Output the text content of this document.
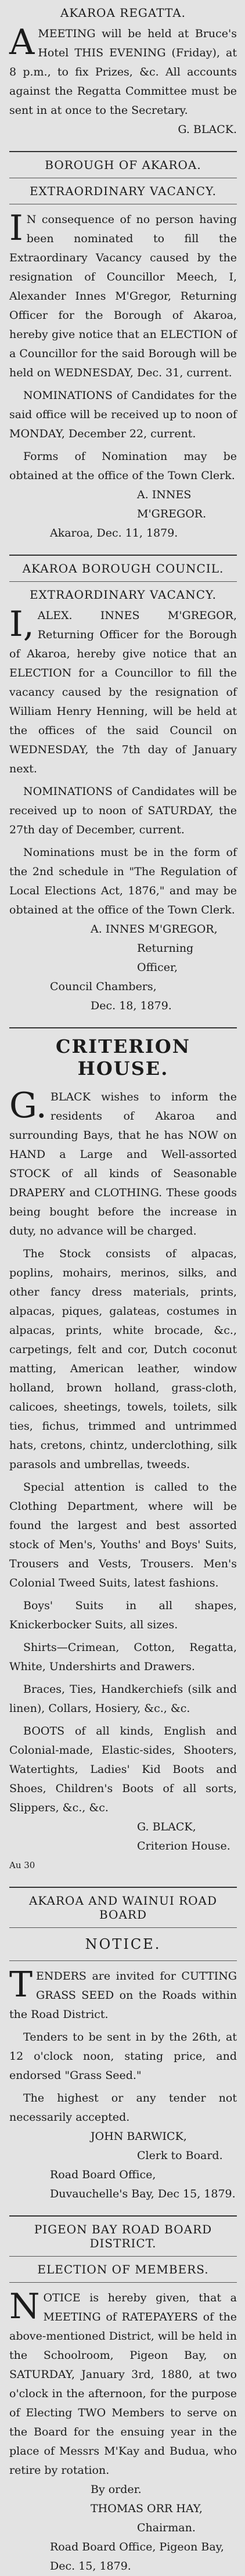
AKAROA REGATTA.

AMEETING will be held at Bruce's Hotel THIS EVENING (Friday), at 8 p.m., to fix Prizes, &c. All accounts against the Regatta Committee must be sent in at once to the Secretary.

G. BLACK.

BOROUGH OF AKAROA.
EXTRAORDINARY VACANCY.

IN consequence of no person having been nominated to fill the Extraordinary Vacancy caused by the resignation of Councillor Meech, I, Alexander Innes M'Gregor, Returning Officer for the Borough of Akaroa, hereby give notice that an ELECTION of a Councillor for the said Borough will be held on WEDNESDAY, Dec. 31, current.

NOMINATIONS of Candidates for the said office will be received up to noon of MONDAY, December 22, current.

Forms of Nomination may be obtained at the office of the Town Clerk.

A. INNES M'GREGOR.

Akaroa, Dec. 11, 1879.

AKAROA BOROUGH COUNCIL.
EXTRAORDINARY VACANCY.

I,ALEX. INNES M'GREGOR, Returning Officer for the Borough of Akaroa, hereby give notice that an ELECTION for a Councillor to fill the vacancy caused by the resignation of William Henry Henning, will be held at the offices of the said Council on WEDNESDAY, the 7th day of January next.

NOMINATIONS of Candidates will be received up to noon of SATURDAY, the 27th day of December, current.

Nominations must be in the form of the 2nd schedule in "The Regulation of Local Elections Act, 1876," and may be obtained at the office of the Town Clerk.

A. INNES M'GREGOR,

Returning Officer,

Council Chambers,

Dec. 18, 1879.

CRITERION HOUSE.

G.BLACK wishes to inform the residents of Akaroa and surrounding Bays, that he has NOW on HAND a Large and Well-assorted STOCK of all kinds of Seasonable DRAPERY and CLOTHING. These goods being bought before the increase in duty, no advance will be charged.

The Stock consists of alpacas, poplins, mohairs, merinos, silks, and other fancy dress materials, prints, alpacas, piques, galateas, costumes in alpacas, prints, white brocade, &c., carpetings, felt and cor, Dutch coconut matting, American leather, window holland, brown holland, grass-cloth, calicoes, sheetings, towels, toilets, silk ties, fichus, trimmed and untrimmed hats, cretons, chintz, underclothing, silk parasols and umbrellas, tweeds.

Special attention is called to the Clothing Department, where will be found the largest and best assorted stock of Men's, Youths' and Boys' Suits, Trousers and Vests, Trousers. Men's Colonial Tweed Suits, latest fashions.

Boys' Suits in all shapes, Knickerbocker Suits, all sizes.

Shirts—Crimean, Cotton, Regatta, White, Undershirts and Drawers.

Braces, Ties, Handkerchiefs (silk and linen), Collars, Hosiery, &c., &c.

BOOTS of all kinds, English and Colonial-made, Elastic-sides, Shooters, Watertights, Ladies' Kid Boots and Shoes, Children's Boots of all sorts, Slippers, &c., &c.

G. BLACK,

Criterion House.

Au 30

AKAROA AND WAINUI ROAD BOARD
NOTICE.

TENDERS are invited for CUTTING GRASS SEED on the Roads within the Road District.

Tenders to be sent in by the 26th, at 12 o'clock noon, stating price, and endorsed "Grass Seed."

The highest or any tender not necessarily accepted.

JOHN BARWICK,

Clerk to Board.

Road Board Office,

Duvauchelle's Bay, Dec 15, 1879.

PIGEON BAY ROAD BOARD DISTRICT.
ELECTION OF MEMBERS.

NOTICE is hereby given, that a MEETING of RATEPAYERS of the above-mentioned District, will be held in the Schoolroom, Pigeon Bay, on SATURDAY, January 3rd, 1880, at two o'clock in the afternoon, for the purpose of Electing TWO Members to serve on the Board for the ensuing year in the place of Messrs M'Kay and Budua, who retire by rotation.

By order.

THOMAS ORR HAY,

Chairman.

Road Board Office, Pigeon Bay,

Dec. 15, 1879.
